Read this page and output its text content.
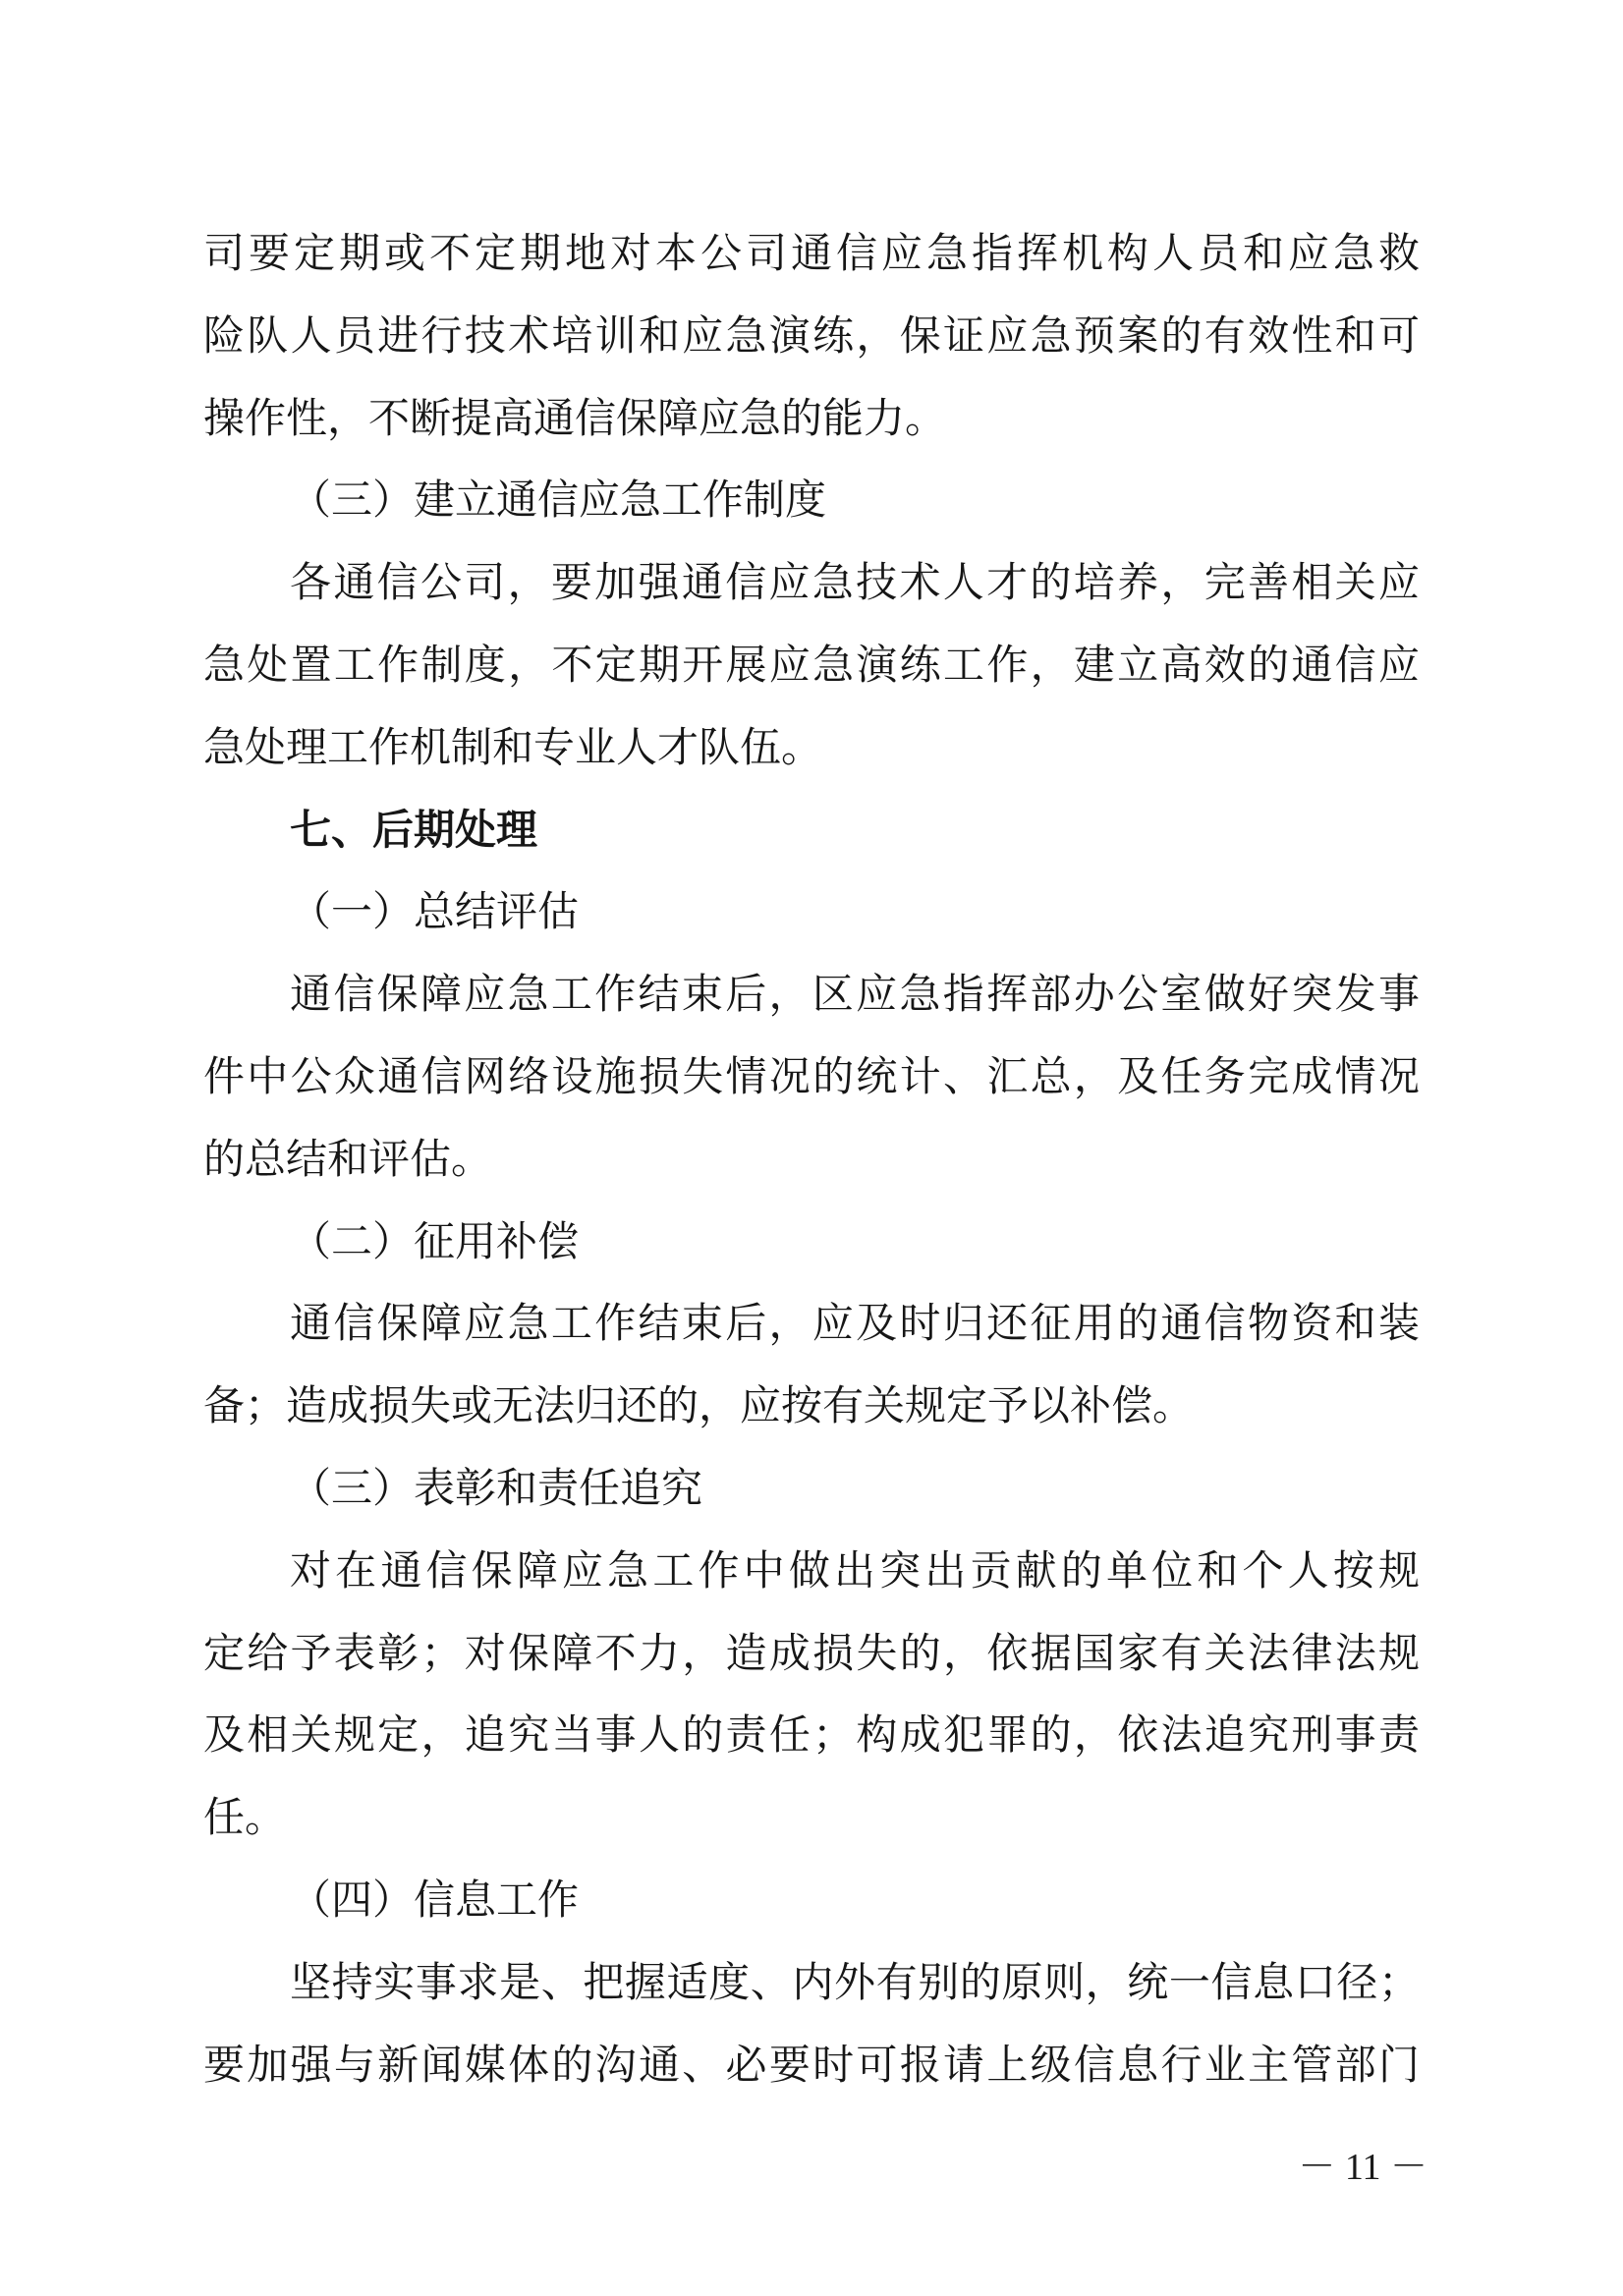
司要定期或不定期地对本公司通信应急指挥机构人员和应急救
险队人员进行技术培训和应急演练，保证应急预案的有效性和可
操作性，不断提高通信保障应急的能力。
（三）建立通信应急工作制度
各通信公司，要加强通信应急技术人才的培养，完善相关应
急处置工作制度，不定期开展应急演练工作，建立高效的通信应
急处理工作机制和专业人才队伍。
七、后期处理
（一）总结评估
通信保障应急工作结束后，区应急指挥部办公室做好突发事
件中公众通信网络设施损失情况的统计、汇总，及任务完成情况
的总结和评估。
（二）征用补偿
通信保障应急工作结束后，应及时归还征用的通信物资和装
备；造成损失或无法归还的，应按有关规定予以补偿。
（三）表彰和责任追究
对在通信保障应急工作中做出突出贡献的单位和个人按规
定给予表彰；对保障不力，造成损失的，依据国家有关法律法规
及相关规定，追究当事人的责任；构成犯罪的，依法追究刑事责
任。
（四）信息工作
坚持实事求是、把握适度、内外有别的原则，统一信息口径；
要加强与新闻媒体的沟通、必要时可报请上级信息行业主管部门
－ 11 －
